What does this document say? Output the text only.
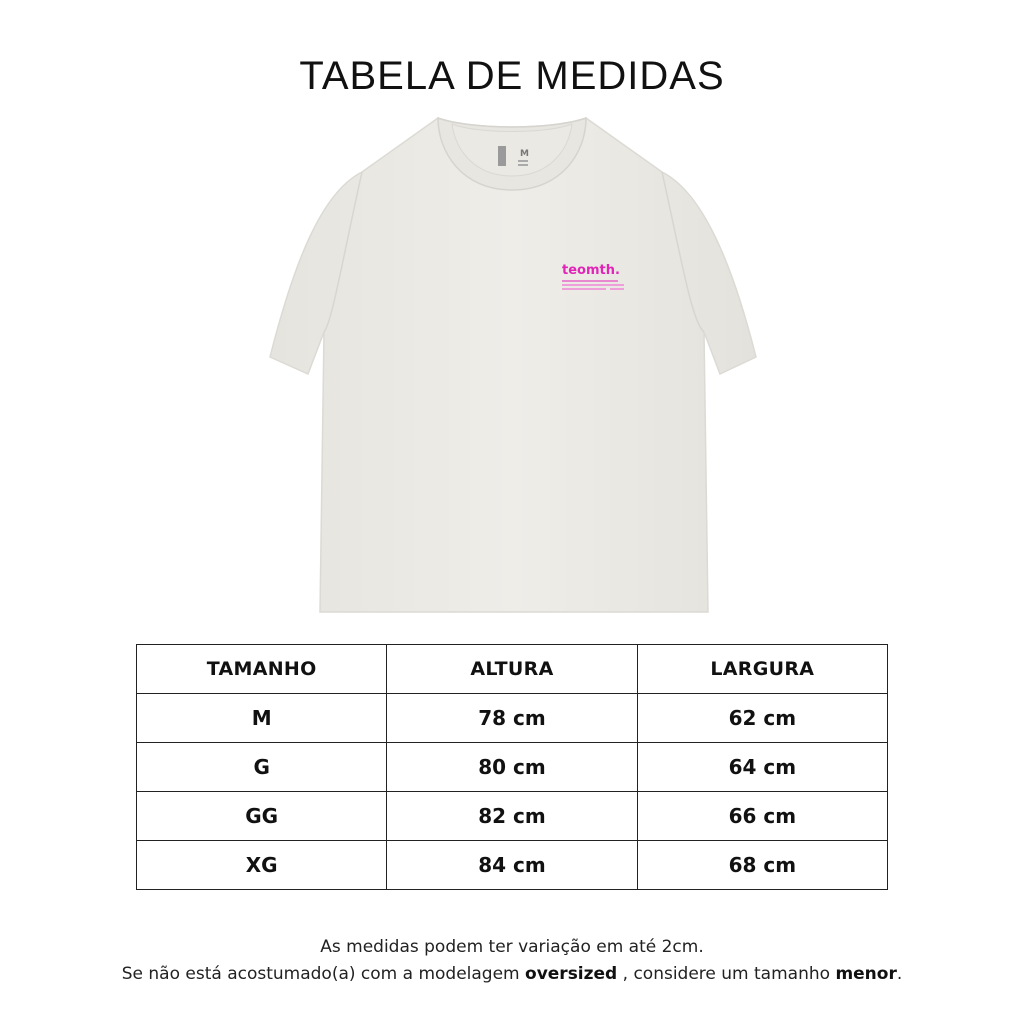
TABELA DE MEDIDAS
M
teomth.
TAMANHO	ALTURA	LARGURA
M	78 cm	62 cm
G	80 cm	64 cm
GG	82 cm	66 cm
XG	84 cm	68 cm
As medidas podem ter variação em até 2cm.
Se não está acostumado(a) com a modelagem oversized , considere um tamanho menor.
